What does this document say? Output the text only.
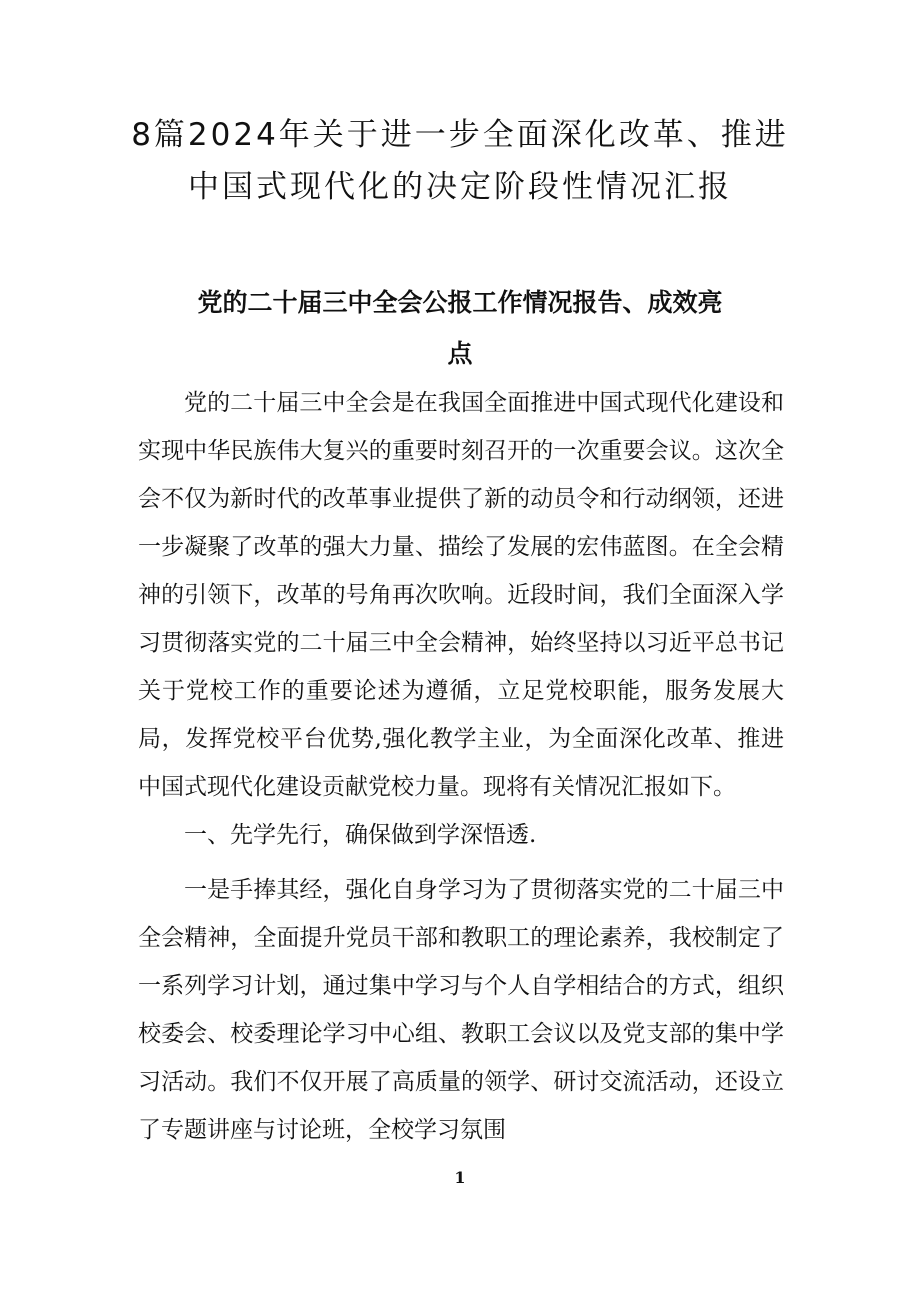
8篇2024年关于进一步全面深化改革、推进
中国式现代化的决定阶段性情况汇报
党的二十届三中全会公报工作情况报告、成效亮
点

党的二十届三中全会是在我国全面推进中国式现代化建设和实现中华民族伟大复兴的重要时刻召开的一次重要会议。这次全会不仅为新时代的改革事业提供了新的动员令和行动纲领，还进一步凝聚了改革的强大力量、描绘了发展的宏伟蓝图。在全会精神的引领下，改革的号角再次吹响。近段时间，我们全面深入学习贯彻落实党的二十届三中全会精神，始终坚持以习近平总书记关于党校工作的重要论述为遵循，立足党校职能，服务发展大局，发挥党校平台优势,强化教学主业，为全面深化改革、推进中国式现代化建设贡献党校力量。现将有关情况汇报如下。

一、先学先行，确保做到学深悟透.

一是手捧其经，强化自身学习为了贯彻落实党的二十届三中全会精神，全面提升党员干部和教职工的理论素养，我校制定了一系列学习计划，通过集中学习与个人自学相结合的方式，组织校委会、校委理论学习中心组、教职工会议以及党支部的集中学习活动。我们不仅开展了高质量的领学、研讨交流活动，还设立了专题讲座与讨论班，全校学习氛围

1
